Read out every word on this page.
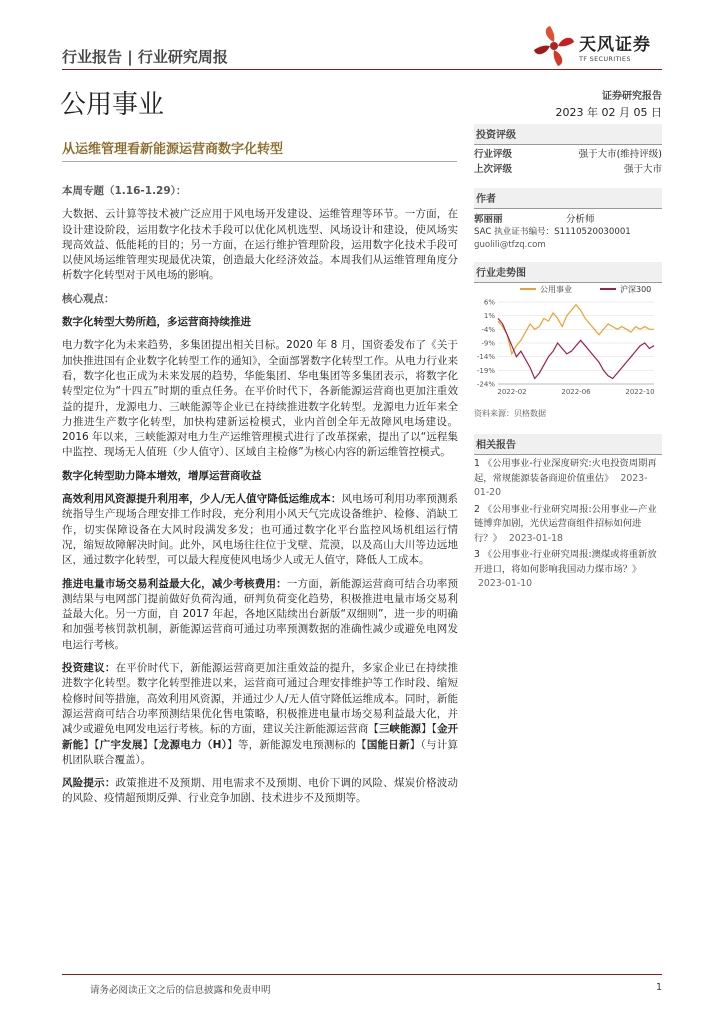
行业报告 | 行业研究周报
天风证券
TF SECURITIES
公用事业	证券研究报告
2023 年 02 月 05 日
从运维管理看新能源运营商数字化转型

本周专题（1.16-1.29）：

大数据、云计算等技术被广泛应用于风电场开发建设、运维管理等环节。一方面，在设计建设阶段，运用数字化技术手段可以优化风机选型、风场设计和建设，使风场实现高效益、低能耗的目的；另一方面，在运行维护管理阶段，运用数字化技术手段可以使风场运维管理实现最优决策，创造最大化经济效益。本周我们从运维管理角度分析数字化转型对于风电场的影响。

核心观点：

数字化转型大势所趋，多运营商持续推进

电力数字化为未来趋势，多集团提出相关目标。2020 年 8 月，国资委发布了《关于加快推进国有企业数字化转型工作的通知》，全面部署数字化转型工作。从电力行业来看，数字化也正成为未来发展的趋势，华能集团、华电集团等多集团表示，将数字化转型定位为“十四五”时期的重点任务。在平价时代下，各新能源运营商也更加注重效益的提升，龙源电力、三峡能源等企业已在持续推进数字化转型。龙源电力近年来全力推进生产数字化转型，加快构建新运检模式，业内首创全年无故障风电场建设。2016 年以来，三峡能源对电力生产运维管理模式进行了改革探索，提出了以“远程集中监控、现场无人值班（少人值守）、区域自主检修”为核心内容的新运维管控模式。

数字化转型助力降本增效，增厚运营商收益

高效利用风资源提升利用率，少人/无人值守降低运维成本：风电场可利用功率预测系统指导生产现场合理安排工作时段，充分利用小风天气完成设备维护、检修、消缺工作，切实保障设备在大风时段满发多发；也可通过数字化平台监控风场机组运行情况，缩短故障解决时间。此外，风电场往往位于戈壁、荒漠，以及高山大川等边远地区，通过数字化转型，可以最大程度使风电场少人或无人值守，降低人工成本。

推进电量市场交易利益最大化，减少考核费用：一方面，新能源运营商可结合功率预测结果与电网部门提前做好负荷沟通，研判负荷变化趋势，积极推进电量市场交易利益最大化。另一方面，自 2017 年起，各地区陆续出台新版“双细则”，进一步的明确和加强考核罚款机制，新能源运营商可通过功率预测数据的准确性减少或避免电网发电运行考核。

投资建议：在平价时代下，新能源运营商更加注重效益的提升，多家企业已在持续推进数字化转型。数字化转型推进以来，运营商可通过合理安排维护等工作时段、缩短检修时间等措施，高效利用风资源，并通过少人/无人值守降低运维成本。同时，新能源运营商可结合功率预测结果优化售电策略，积极推进电量市场交易利益最大化，并减少或避免电网发电运行考核。标的方面，建议关注新能源运营商【三峡能源】【金开新能】【广宇发展】【龙源电力（H）】等，新能源发电预测标的【国能日新】（与计算机团队联合覆盖）。

风险提示：政策推进不及预期、用电需求不及预期、电价下调的风险、煤炭价格波动的风险、疫情超预期反弹、行业竞争加剧、技术进步不及预期等。

投资评级
行业评级	强于大市(维持评级)
上次评级	强于大市
作者
郭丽丽	分析师
SAC 执业证书编号：S1110520030001
guolili@tfzq.com
行业走势图
公用事业	沪深300
6%
1%
-4%
-9%
-14%
-19%
-24%
2022-02	2022-06	2022-10
资料来源：贝格数据
相关报告
1 《公用事业-行业深度研究:火电投资周期再起，常规能源装备商迎价值重估》 2023-01-20
2 《公用事业-行业研究周报:公用事业—产业链博弈加剧，光伏运营商组件招标如何进行？》 2023-01-18
3 《公用事业-行业研究周报:澳煤或将重新放开进口，将如何影响我国动力煤市场？》 2023-01-10
请务必阅读正文之后的信息披露和免责申明	1
